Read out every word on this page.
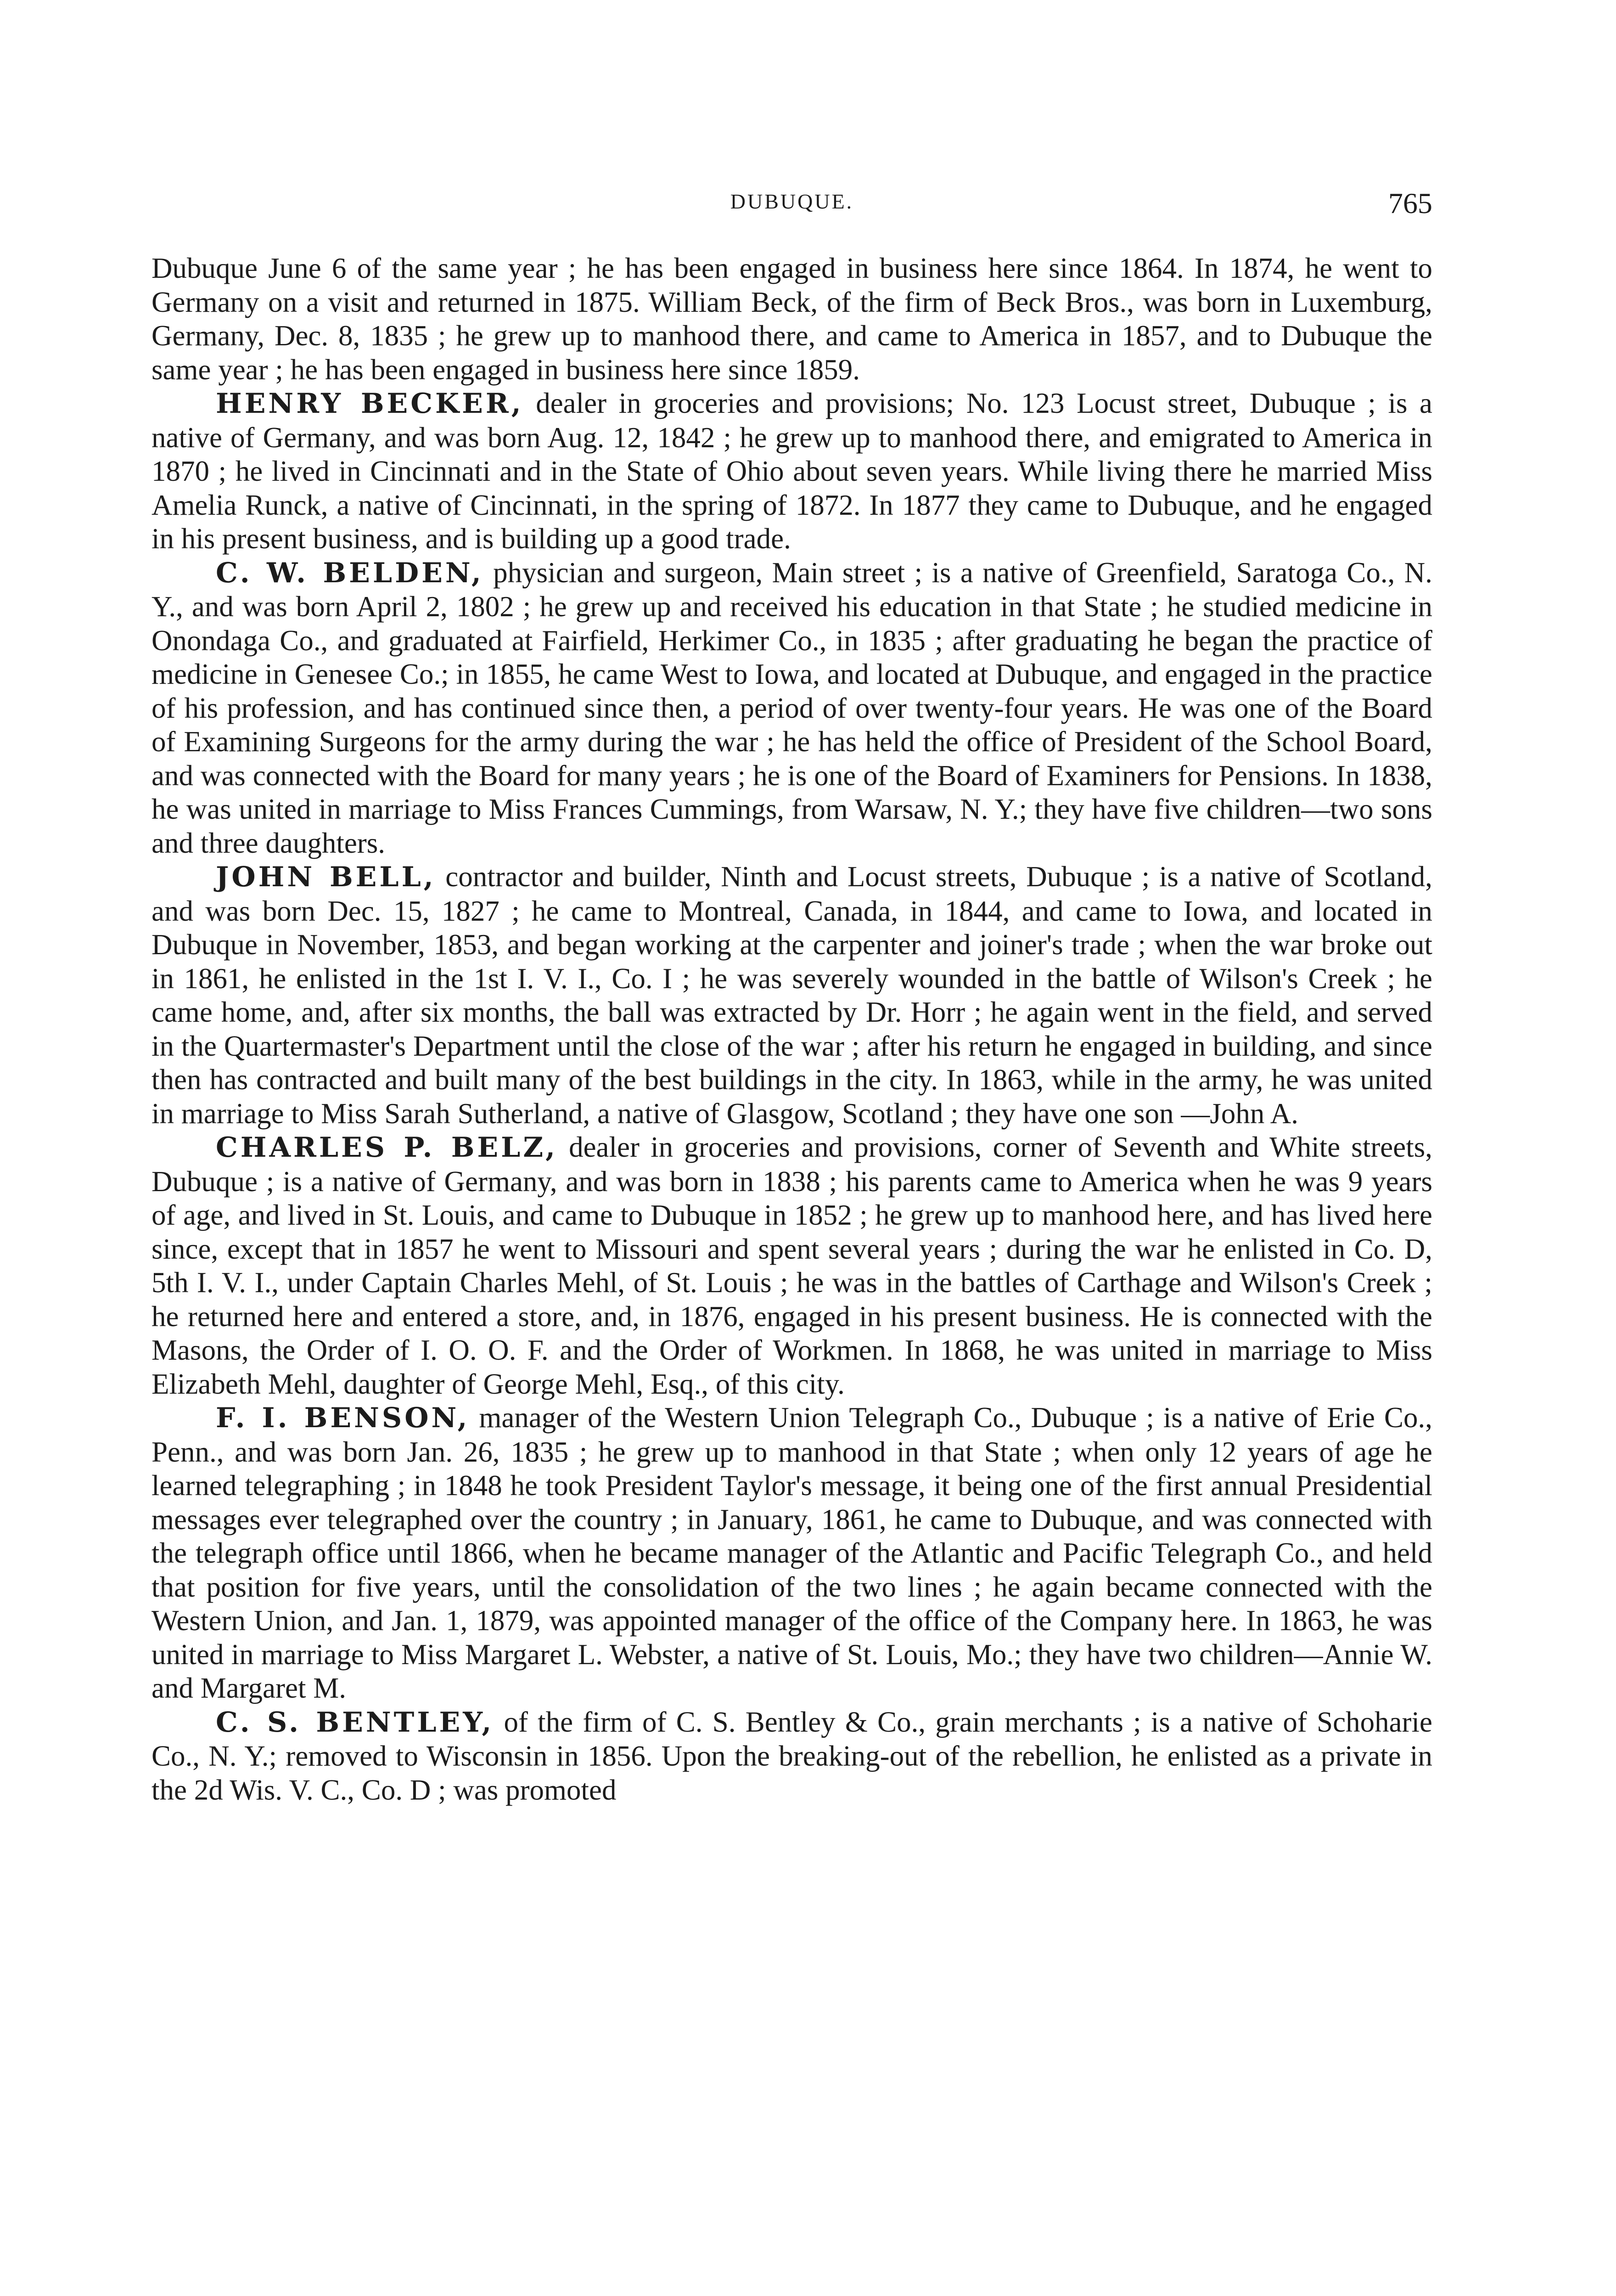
DUBUQUE.	765

Dubuque June 6 of the same year ; he has been engaged in business here since 1864. In 1874, he went to Germany on a visit and returned in 1875. William Beck, of the firm of Beck Bros., was born in Luxemburg, Germany, Dec. 8, 1835 ; he grew up to manhood there, and came to America in 1857, and to Dubuque the same year ; he has been engaged in business here since 1859.

HENRY BECKER, dealer in groceries and provisions; No. 123 Locust street, Dubuque ; is a native of Germany, and was born Aug. 12, 1842 ; he grew up to manhood there, and emigrated to America in 1870 ; he lived in Cincinnati and in the State of Ohio about seven years. While living there he married Miss Amelia Runck, a native of Cincinnati, in the spring of 1872. In 1877 they came to Dubuque, and he engaged in his present business, and is building up a good trade.

C. W. BELDEN, physician and surgeon, Main street ; is a native of Greenfield, Saratoga Co., N. Y., and was born April 2, 1802 ; he grew up and received his education in that State ; he studied medicine in Onondaga Co., and graduated at Fairfield, Herkimer Co., in 1835 ; after graduating he began the practice of medicine in Genesee Co.; in 1855, he came West to Iowa, and located at Dubuque, and engaged in the practice of his profession, and has continued since then, a period of over twenty-four years. He was one of the Board of Examining Surgeons for the army during the war ; he has held the office of President of the School Board, and was connected with the Board for many years ; he is one of the Board of Examiners for Pensions. In 1838, he was united in marriage to Miss Frances Cummings, from Warsaw, N. Y.; they have five children—two sons and three daughters.

JOHN BELL, contractor and builder, Ninth and Locust streets, Dubuque ; is a native of Scotland, and was born Dec. 15, 1827 ; he came to Montreal, Canada, in 1844, and came to Iowa, and located in Dubuque in November, 1853, and began working at the carpenter and joiner's trade ; when the war broke out in 1861, he enlisted in the 1st I. V. I., Co. I ; he was severely wounded in the battle of Wilson's Creek ; he came home, and, after six months, the ball was extracted by Dr. Horr ; he again went in the field, and served in the Quartermaster's Department until the close of the war ; after his return he engaged in building, and since then has contracted and built many of the best buildings in the city. In 1863, while in the army, he was united in marriage to Miss Sarah Sutherland, a native of Glasgow, Scotland ; they have one son —John A.

CHARLES P. BELZ, dealer in groceries and provisions, corner of Seventh and White streets, Dubuque ; is a native of Germany, and was born in 1838 ; his parents came to America when he was 9 years of age, and lived in St. Louis, and came to Dubuque in 1852 ; he grew up to manhood here, and has lived here since, except that in 1857 he went to Missouri and spent several years ; during the war he enlisted in Co. D, 5th I. V. I., under Captain Charles Mehl, of St. Louis ; he was in the battles of Carthage and Wilson's Creek ; he returned here and entered a store, and, in 1876, engaged in his present business. He is connected with the Masons, the Order of I. O. O. F. and the Order of Workmen. In 1868, he was united in marriage to Miss Elizabeth Mehl, daughter of George Mehl, Esq., of this city.

F. I. BENSON, manager of the Western Union Telegraph Co., Dubuque ; is a native of Erie Co., Penn., and was born Jan. 26, 1835 ; he grew up to manhood in that State ; when only 12 years of age he learned telegraphing ; in 1848 he took President Taylor's message, it being one of the first annual Presidential messages ever telegraphed over the country ; in January, 1861, he came to Dubuque, and was connected with the telegraph office until 1866, when he became manager of the Atlantic and Pacific Telegraph Co., and held that position for five years, until the consolidation of the two lines ; he again became connected with the Western Union, and Jan. 1, 1879, was appointed manager of the office of the Company here. In 1863, he was united in marriage to Miss Margaret L. Webster, a native of St. Louis, Mo.; they have two children—Annie W. and Margaret M.

C. S. BENTLEY, of the firm of C. S. Bentley & Co., grain merchants ; is a native of Schoharie Co., N. Y.; removed to Wisconsin in 1856. Upon the breaking-out of the rebellion, he enlisted as a private in the 2d Wis. V. C., Co. D ; was promoted
